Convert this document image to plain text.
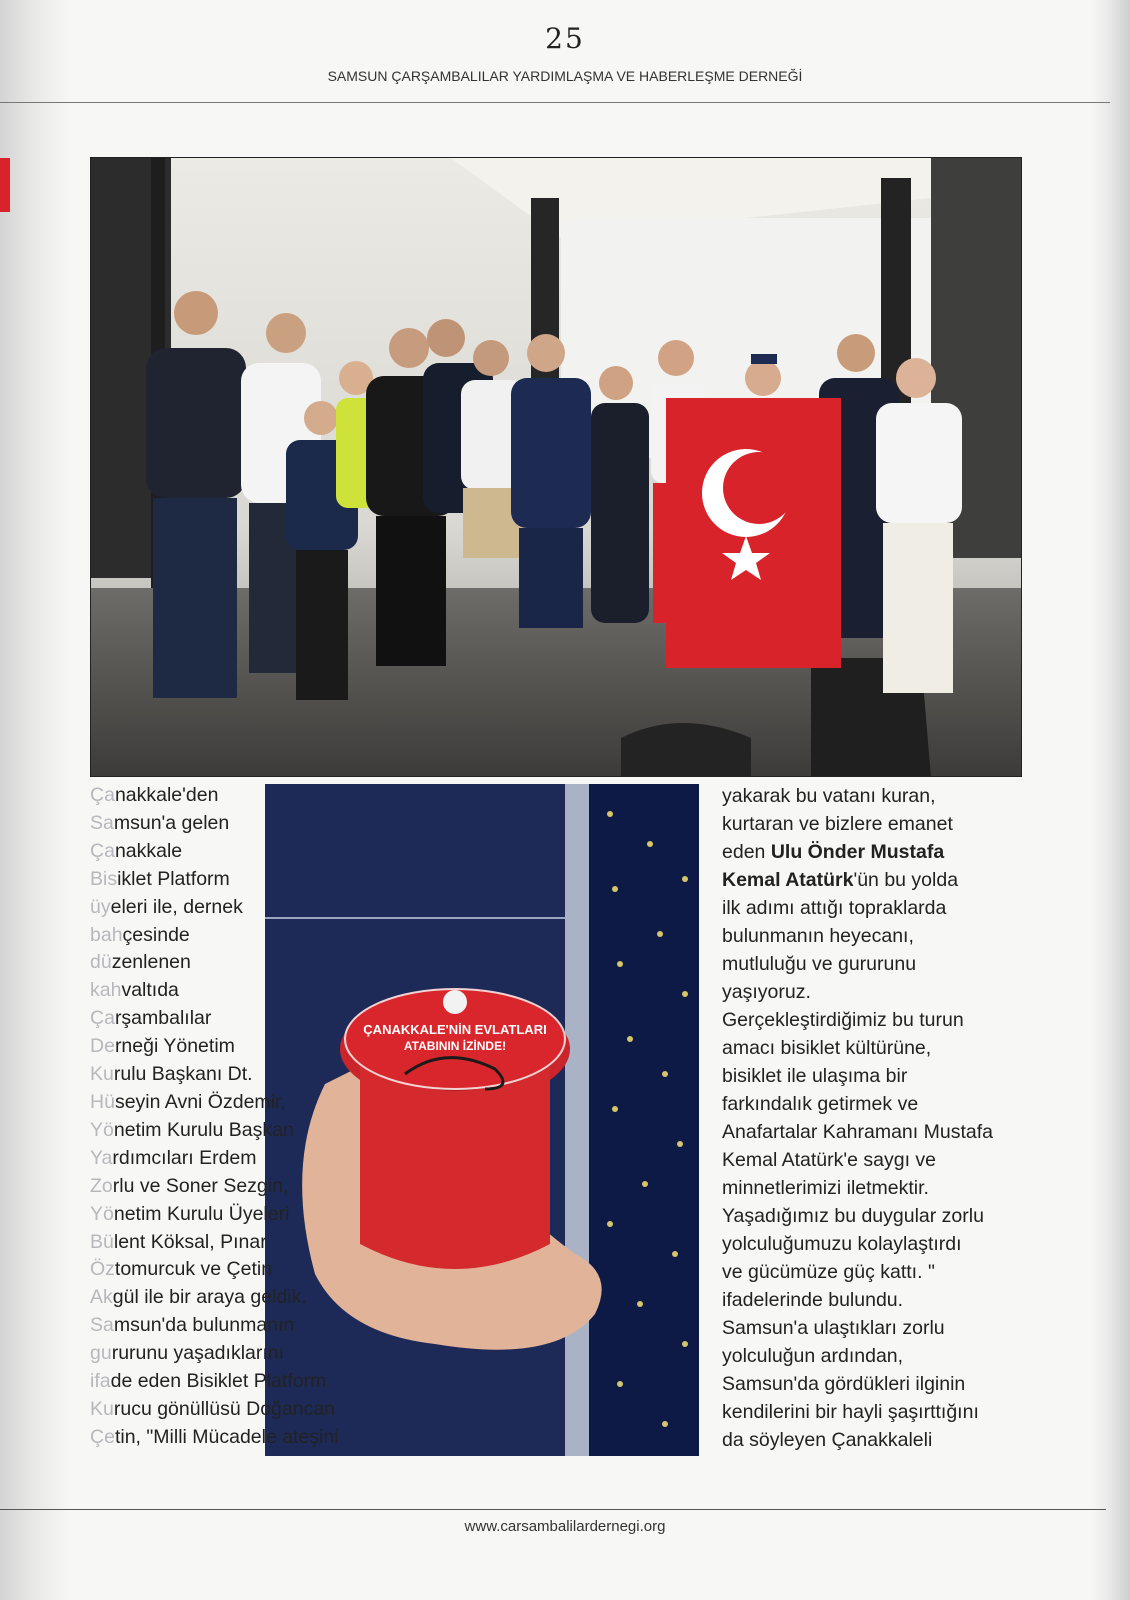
25
SAMSUN ÇARŞAMBALILAR YARDIMLAŞMA VE HABERLEŞME DERNEĞİ
ÇANAKKALE'NİN EVLATLARI
ATABININ İZİNDE!
Çanakkale'den
Samsun'a gelen
Çanakkale
Bisiklet Platform
üyeleri ile, dernek
bahçesinde
düzenlenen
kahvaltıda
Çarşambalılar
Derneği Yönetim
Kurulu Başkanı Dt.
Hüseyin Avni Özdemir,
Yönetim Kurulu Başkan
Yardımcıları Erdem
Zorlu ve Soner Sezgin,
Yönetim Kurulu Üyeleri
Bülent Köksal, Pınar
Öztomurcuk ve Çetin
Akgül ile bir araya geldik.
Samsun'da bulunmanın
gururunu yaşadıklarını
ifade eden Bisiklet Platform
Kurucu gönüllüsü Doğancan
Çetin, "Milli Mücadele ateşini
yakarak bu vatanı kuran,
kurtaran ve bizlere emanet
eden Ulu Önder Mustafa
Kemal Atatürk'ün bu yolda
ilk adımı attığı topraklarda
bulunmanın heyecanı,
mutluluğu ve gururunu
yaşıyoruz.
Gerçekleştirdiğimiz bu turun
amacı bisiklet kültürüne,
bisiklet ile ulaşıma bir
farkındalık getirmek ve
Anafartalar Kahramanı Mustafa
Kemal Atatürk'e saygı ve
minnetlerimizi iletmektir.
Yaşadığımız bu duygular zorlu
yolculuğumuzu kolaylaştırdı
ve gücümüze güç kattı. "
ifadelerinde bulundu.
Samsun'a ulaştıkları zorlu
yolculuğun ardından,
Samsun'da gördükleri ilginin
kendilerini bir hayli şaşırttığını
da söyleyen Çanakkaleli
www.carsambalilardernegi.org
